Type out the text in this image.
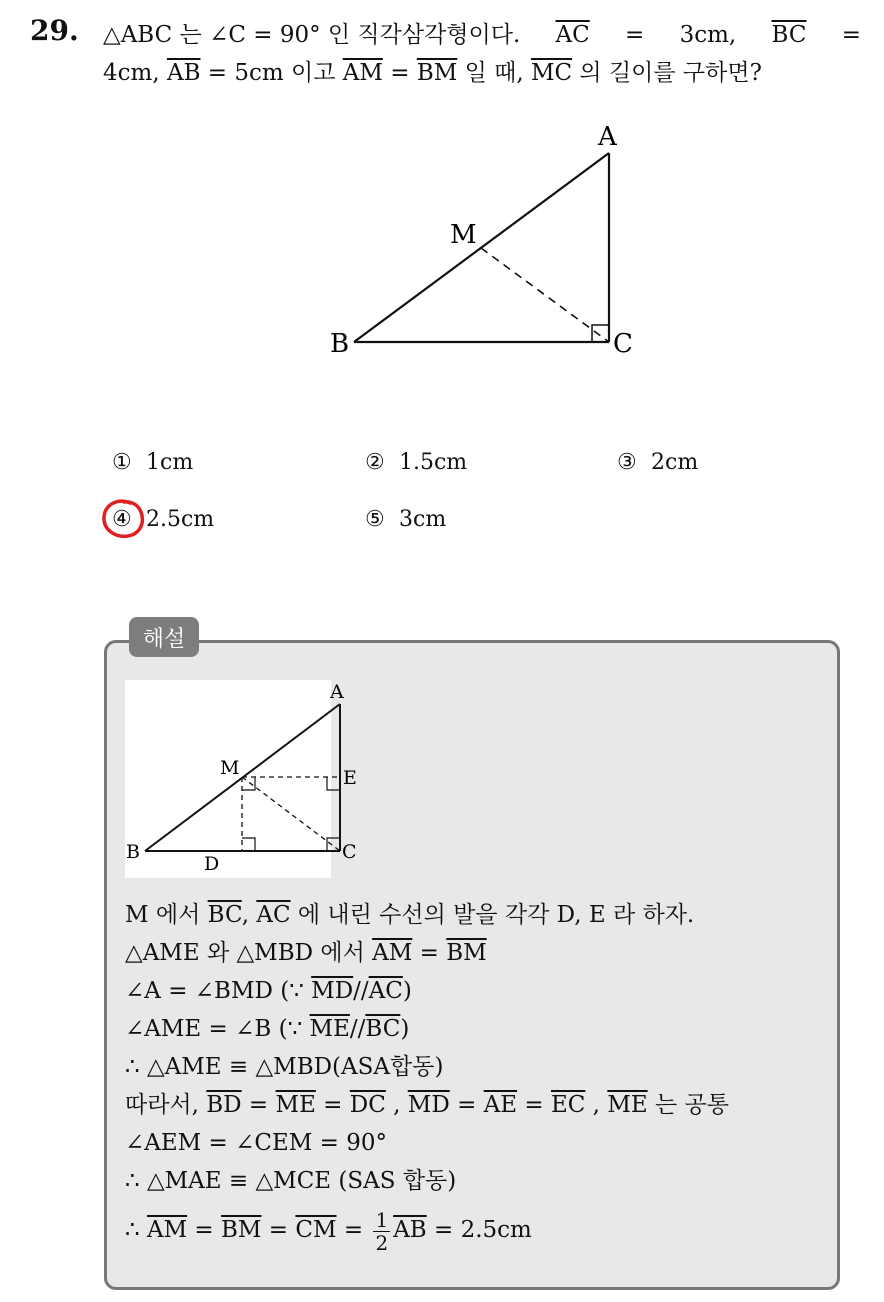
29. △ABC 는 ∠C = 90° 인 직각삼각형이다. $\overline{AC} = 3cm$, $\overline{BC}$ =
4cm, $\overline{AB} = 5cm$ 이고 $\overline{AM} = \overline{BM}$ 일 때, $\overline{MC}$ 의 길이를 구하면?
A
M
B	C
① 1cm	② 1.5cm	③ 2cm
④ 2.5cm	⑤ 3cm
해설
A
M	E
B
D
C
M 에서 $\overline{BC}$, $\overline{AC}$ 에 내린 수선의 발을 각각 D, E 라 하자.
△AME 와 △MBD 에서 $\overline{AM} = \overline{BM}$
∠A = ∠BMD (∵ $\overline{MD}//\overline{AC}$)
∠AME = ∠B (∵ $\overline{ME}//\overline{BC}$)
∴ △AME ≡ △MBD(ASA합동)
따라서, $\overline{BD} = \overline{ME} = \overline{DC}$ , $\overline{MD} = \overline{AE} = \overline{EC}$ , $\overline{ME}$ 는 공통
∠AEM = ∠CEM = 90°
∴ △MAE ≡ △MCE (SAS 합동)
∴ $\overline{AM} = \overline{BM} = \overline{CM} = \frac{1}{2} \overline{AB} = 2.5cm$
